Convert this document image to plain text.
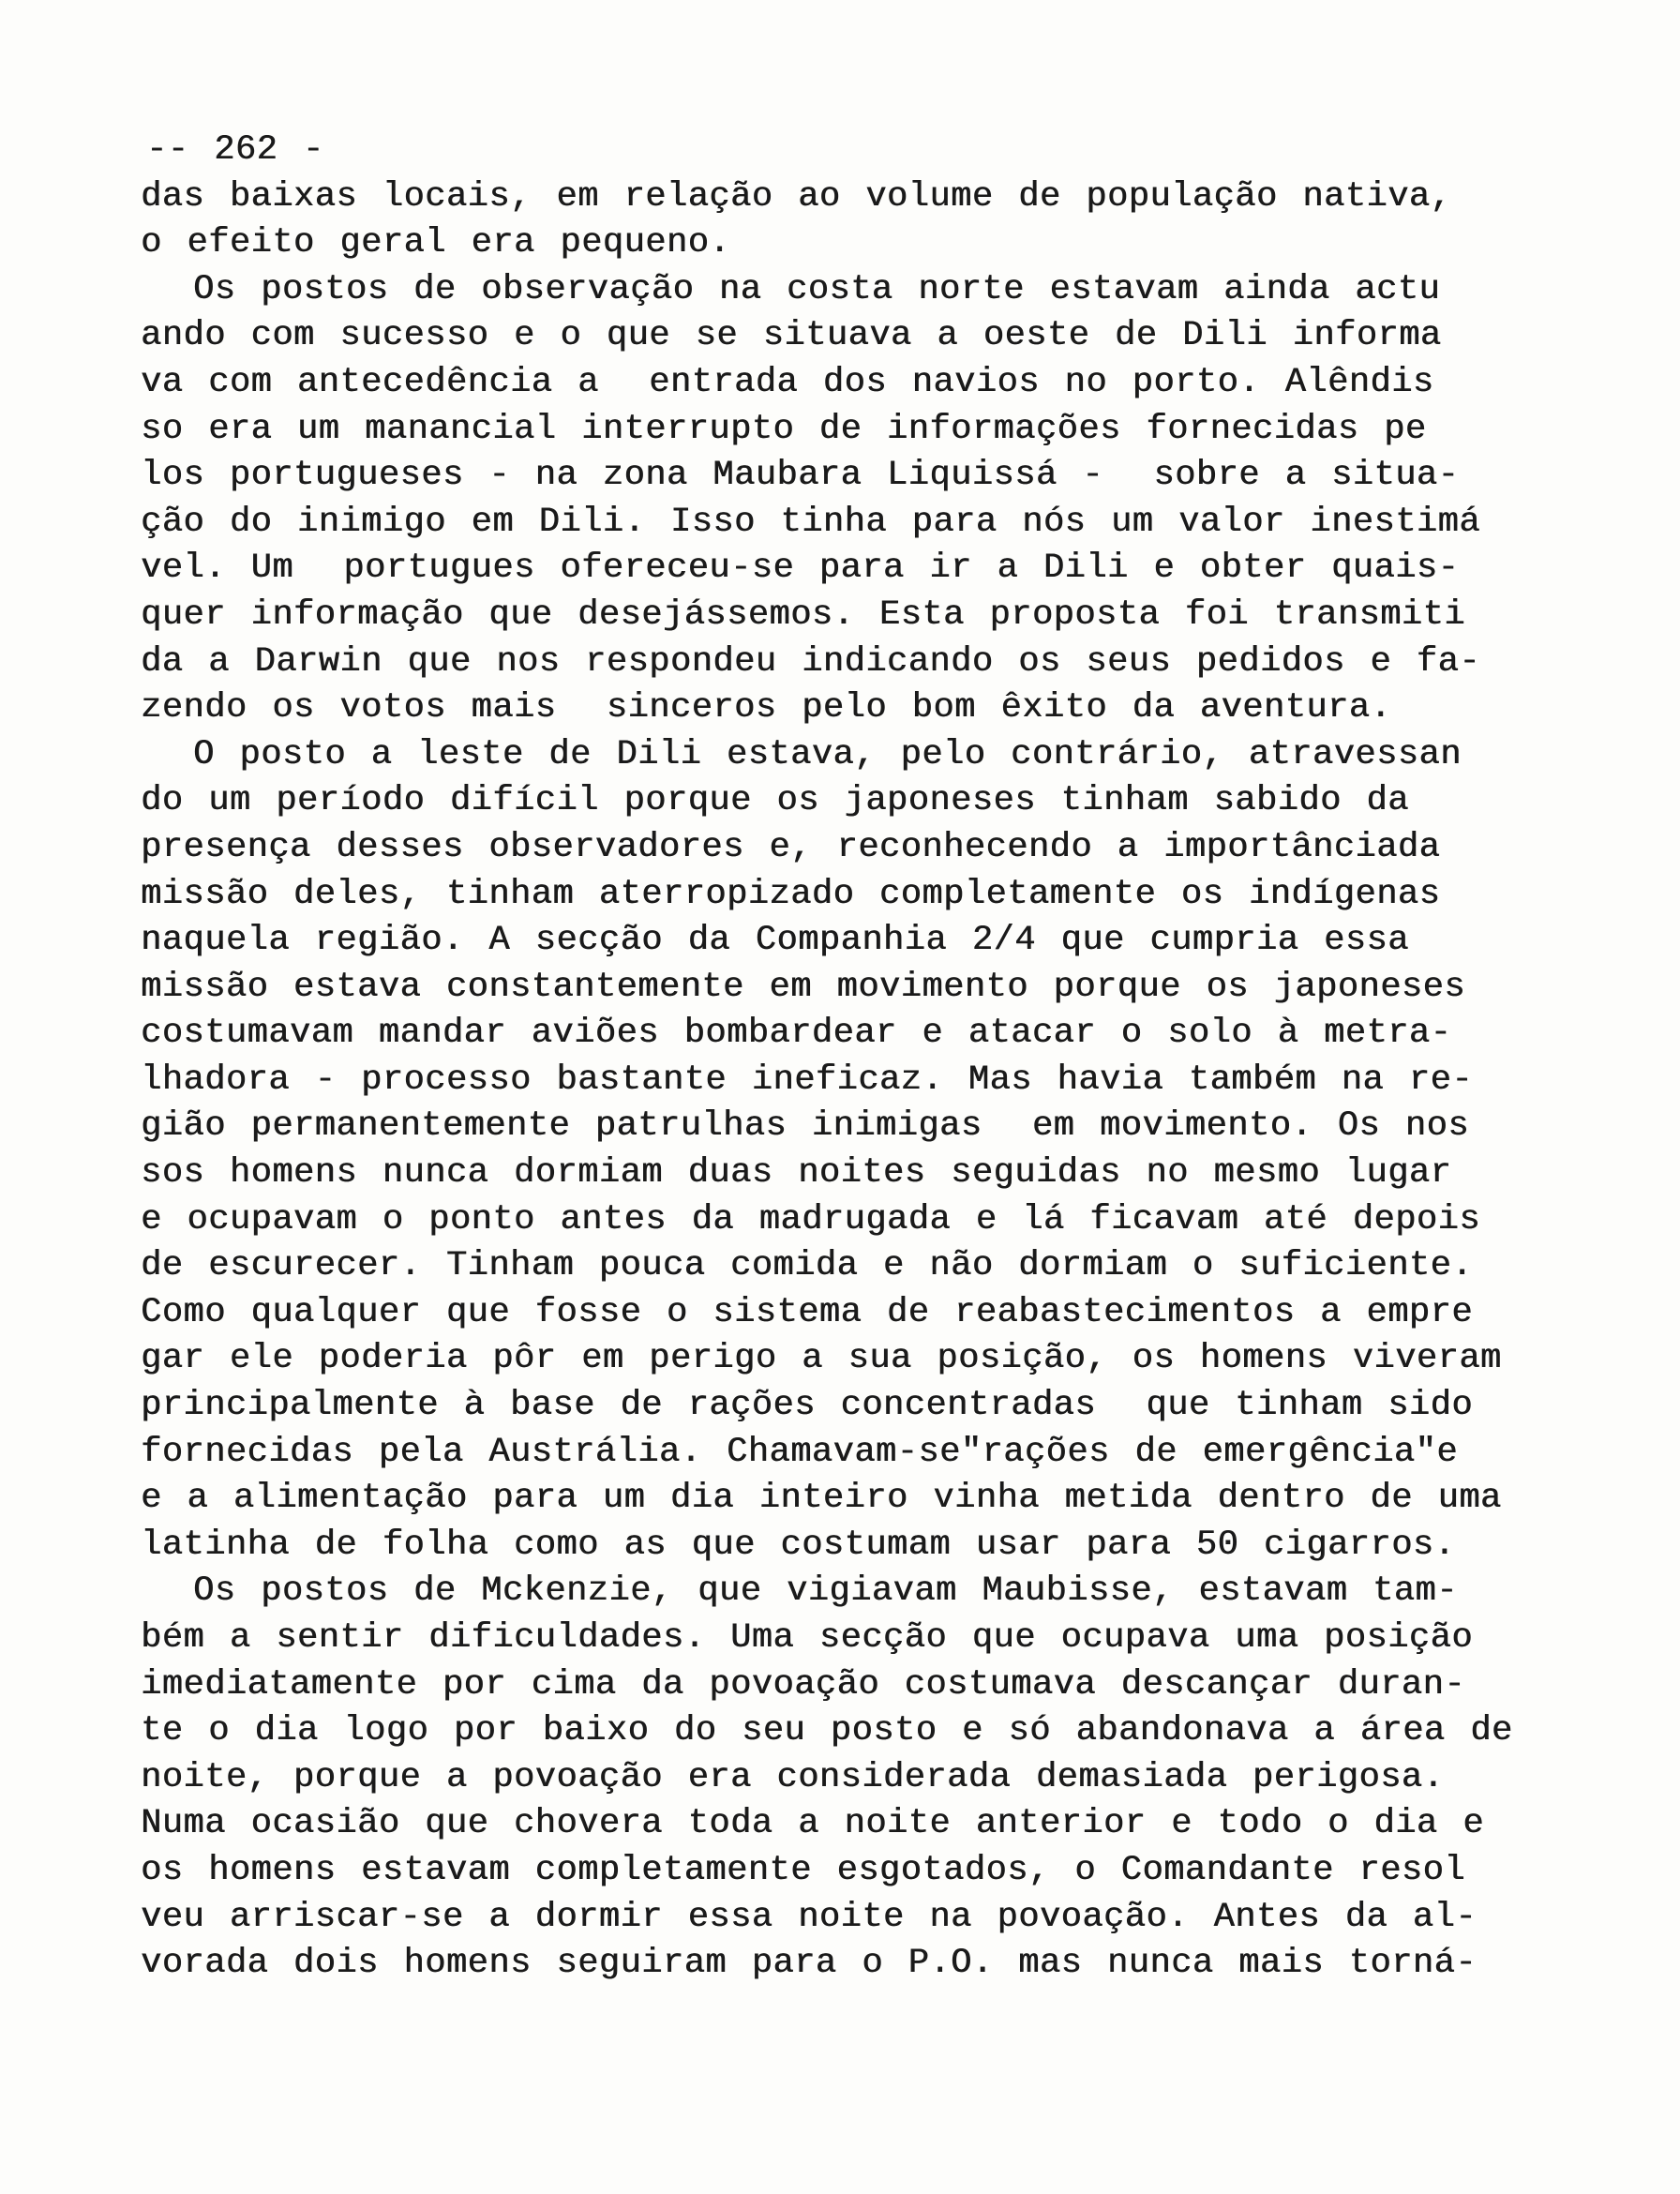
-- 262 -
das baixas locais, em relação ao volume de população nativa,
o efeito geral era pequeno.
Os postos de observação na costa norte estavam ainda actu
ando com sucesso e o que se situava a oeste de Dili informa
va com antecedência a  entrada dos navios no porto. Alêndis
so era um manancial interrupto de informações fornecidas pe
los portugueses - na zona Maubara Liquissá -  sobre a situa-
ção do inimigo em Dili. Isso tinha para nós um valor inestimá
vel. Um  portugues ofereceu-se para ir a Dili e obter quais-
quer informação que desejássemos. Esta proposta foi transmiti
da a Darwin que nos respondeu indicando os seus pedidos e fa-
zendo os votos mais  sinceros pelo bom êxito da aventura.
O posto a leste de Dili estava, pelo contrário, atravessan
do um período difícil porque os japoneses tinham sabido da
presença desses observadores e, reconhecendo a importânciada
missão deles, tinham aterropizado completamente os indígenas
naquela região. A secção da Companhia 2/4 que cumpria essa
missão estava constantemente em movimento porque os japoneses
costumavam mandar aviões bombardear e atacar o solo à metra-
lhadora - processo bastante ineficaz. Mas havia também na re-
gião permanentemente patrulhas inimigas  em movimento. Os nos
sos homens nunca dormiam duas noites seguidas no mesmo lugar
e ocupavam o ponto antes da madrugada e lá ficavam até depois
de escurecer. Tinham pouca comida e não dormiam o suficiente.
Como qualquer que fosse o sistema de reabastecimentos a empre
gar ele poderia pôr em perigo a sua posição, os homens viveram
principalmente à base de rações concentradas  que tinham sido
fornecidas pela Austrália. Chamavam-se"rações de emergência"e
e a alimentação para um dia inteiro vinha metida dentro de uma
latinha de folha como as que costumam usar para 50 cigarros.
Os postos de Mckenzie, que vigiavam Maubisse, estavam tam-
bém a sentir dificuldades. Uma secção que ocupava uma posição
imediatamente por cima da povoação costumava descançar duran-
te o dia logo por baixo do seu posto e só abandonava a área de
noite, porque a povoação era considerada demasiada perigosa.
Numa ocasião que chovera toda a noite anterior e todo o dia e
os homens estavam completamente esgotados, o Comandante resol
veu arriscar-se a dormir essa noite na povoação. Antes da al-
vorada dois homens seguiram para o P.O. mas nunca mais torná-
